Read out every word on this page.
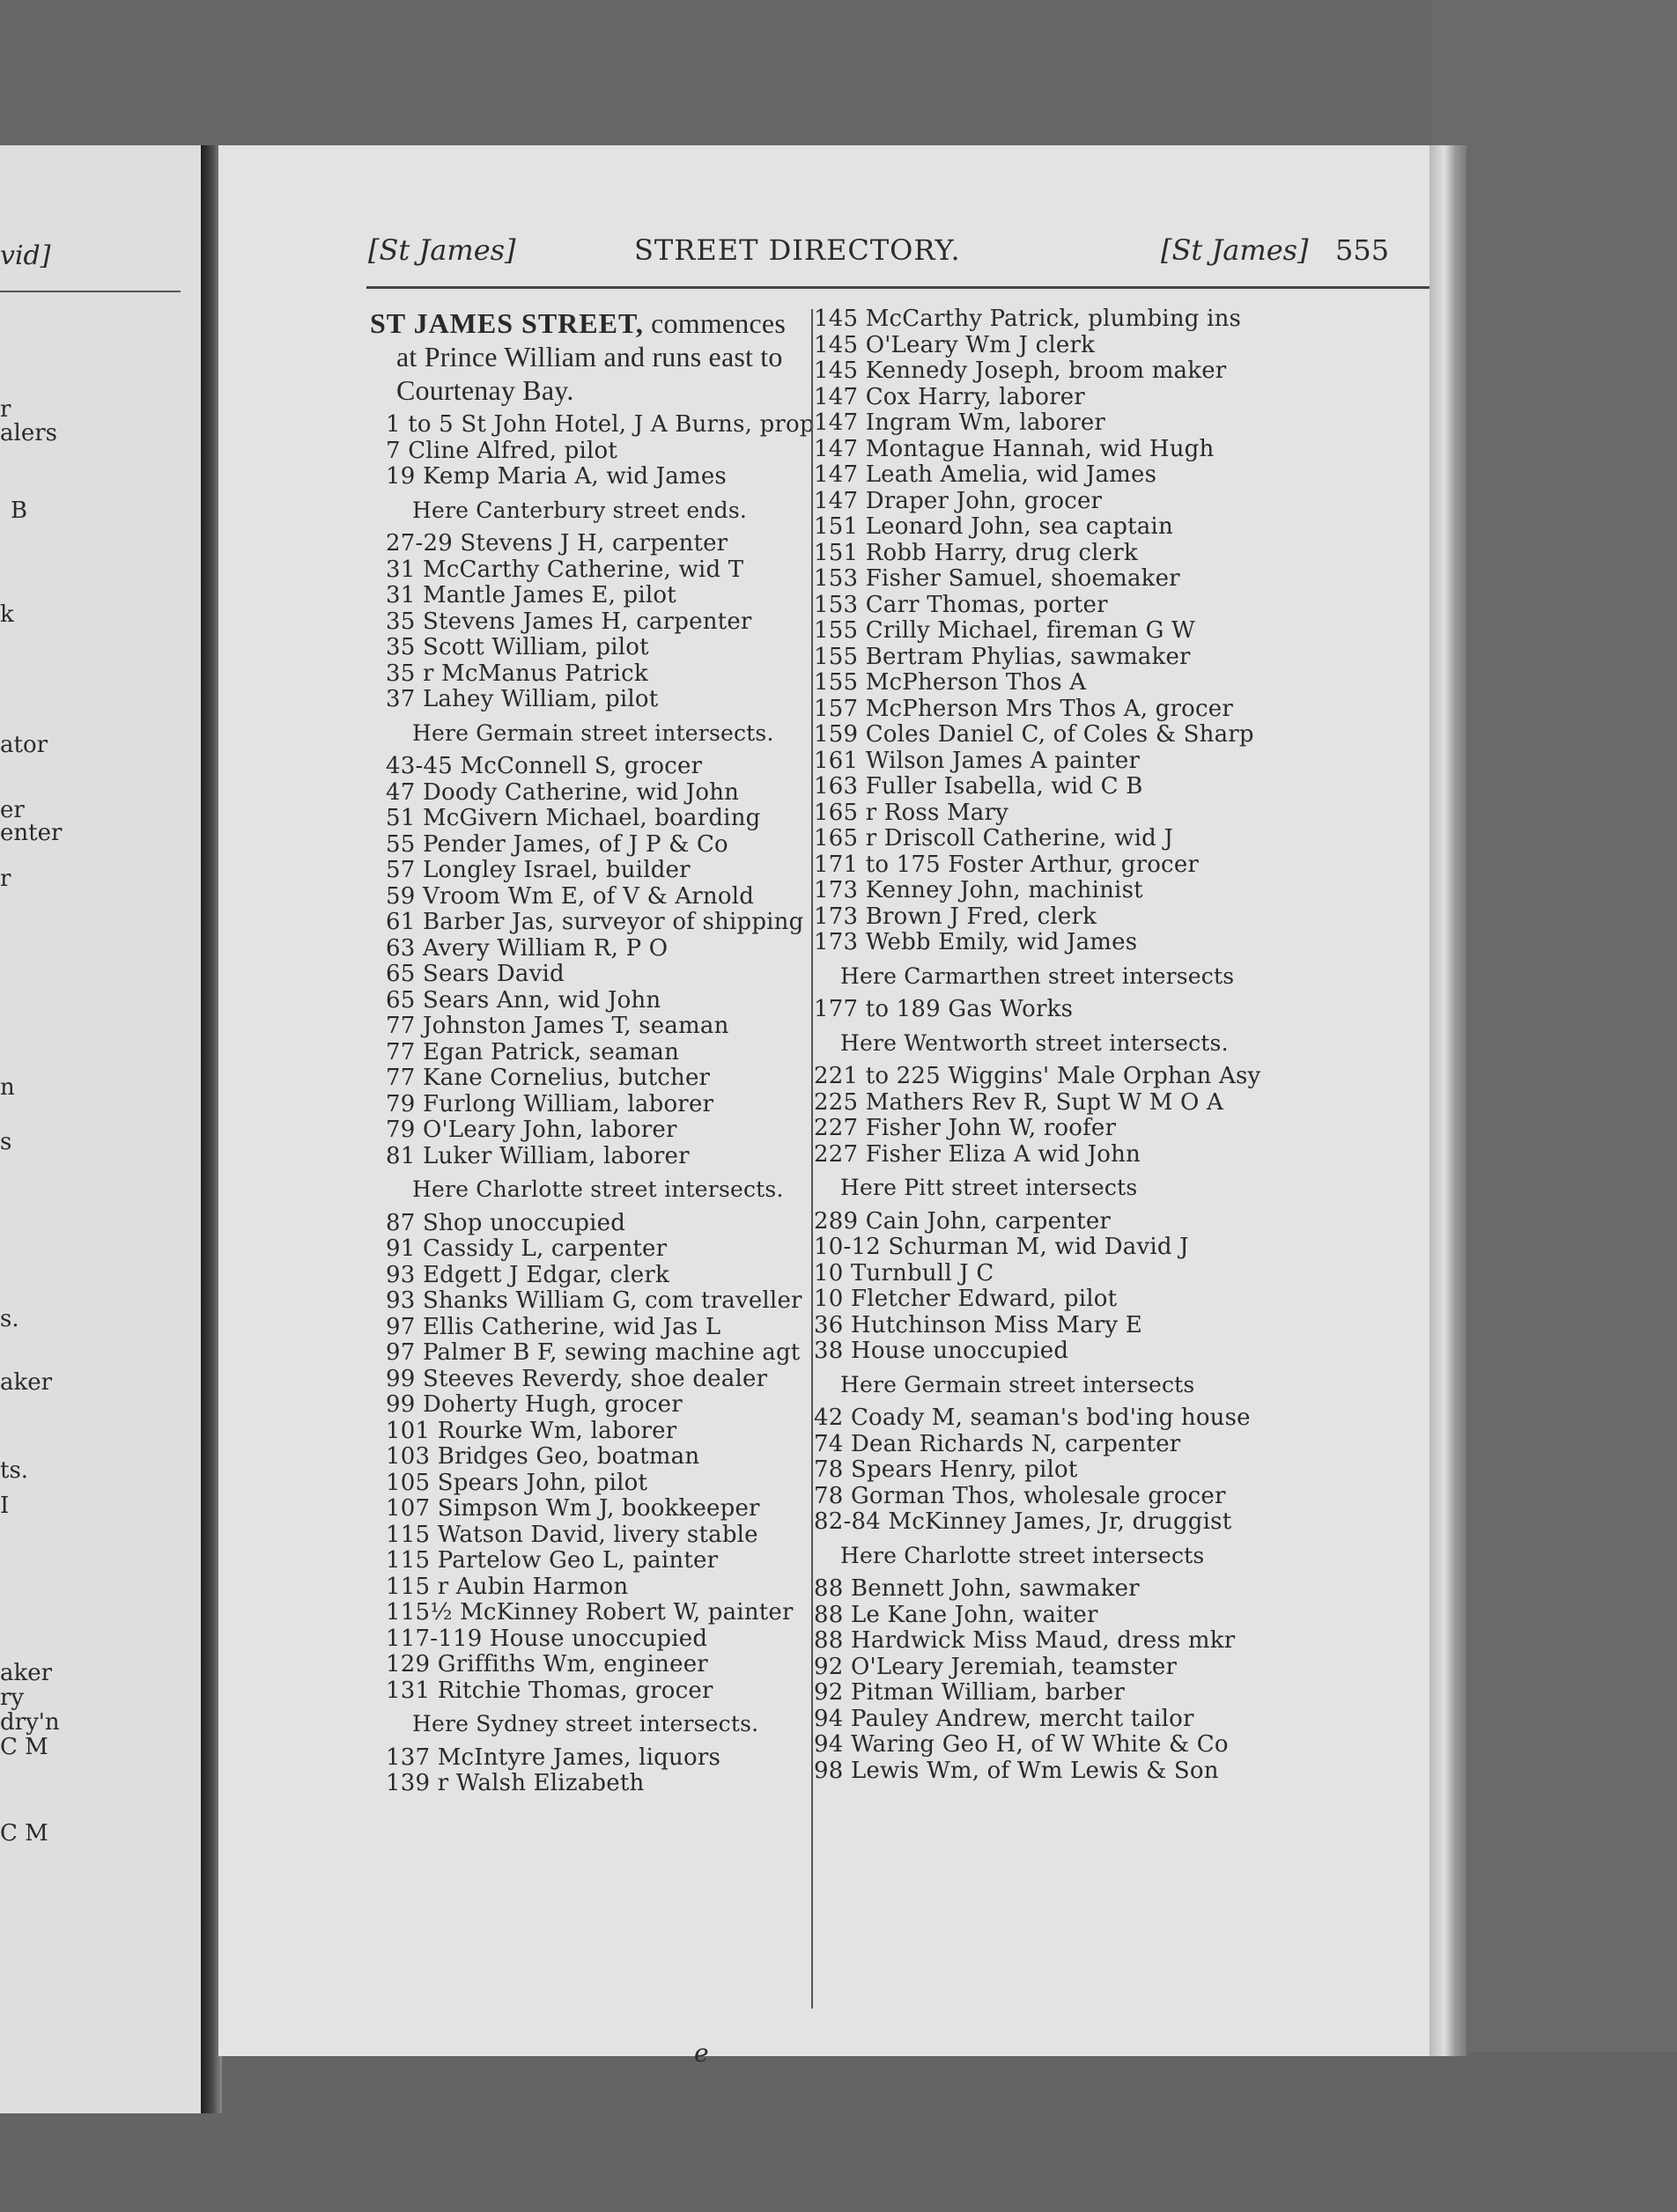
vid]
r
alers
B
k
ator
er
enter
r
n
s
s.
aker
ts.
I
aker
ry
dry'n
C M
C M
[St James]	STREET DIRECTORY.	[St James] 555
ST JAMES STREET, commences
at Prince William and runs east to
Courtenay Bay.
1 to 5 St John Hotel, J A Burns, prop
7 Cline Alfred, pilot
19 Kemp Maria A, wid James
Here Canterbury street ends.
27-29 Stevens J H, carpenter
31 McCarthy Catherine, wid T
31 Mantle James E, pilot
35 Stevens James H, carpenter
35 Scott William, pilot
35 r McManus Patrick
37 Lahey William, pilot
Here Germain street intersects.
43-45 McConnell S, grocer
47 Doody Catherine, wid John
51 McGivern Michael, boarding
55 Pender James, of J P & Co
57 Longley Israel, builder
59 Vroom Wm E, of V & Arnold
61 Barber Jas, surveyor of shipping
63 Avery William R, P O
65 Sears David
65 Sears Ann, wid John
77 Johnston James T, seaman
77 Egan Patrick, seaman
77 Kane Cornelius, butcher
79 Furlong William, laborer
79 O'Leary John, laborer
81 Luker William, laborer
Here Charlotte street intersects.
87 Shop unoccupied
91 Cassidy L, carpenter
93 Edgett J Edgar, clerk
93 Shanks William G, com traveller
97 Ellis Catherine, wid Jas L
97 Palmer B F, sewing machine agt
99 Steeves Reverdy, shoe dealer
99 Doherty Hugh, grocer
101 Rourke Wm, laborer
103 Bridges Geo, boatman
105 Spears John, pilot
107 Simpson Wm J, bookkeeper
115 Watson David, livery stable
115 Partelow Geo L, painter
115 r Aubin Harmon
115½ McKinney Robert W, painter
117-119 House unoccupied
129 Griffiths Wm, engineer
131 Ritchie Thomas, grocer
Here Sydney street intersects.
137 McIntyre James, liquors
139 r Walsh Elizabeth
145 McCarthy Patrick, plumbing ins
145 O'Leary Wm J clerk
145 Kennedy Joseph, broom maker
147 Cox Harry, laborer
147 Ingram Wm, laborer
147 Montague Hannah, wid Hugh
147 Leath Amelia, wid James
147 Draper John, grocer
151 Leonard John, sea captain
151 Robb Harry, drug clerk
153 Fisher Samuel, shoemaker
153 Carr Thomas, porter
155 Crilly Michael, fireman G W
155 Bertram Phylias, sawmaker
155 McPherson Thos A
157 McPherson Mrs Thos A, grocer
159 Coles Daniel C, of Coles & Sharp
161 Wilson James A painter
163 Fuller Isabella, wid C B
165 r Ross Mary
165 r Driscoll Catherine, wid J
171 to 175 Foster Arthur, grocer
173 Kenney John, machinist
173 Brown J Fred, clerk
173 Webb Emily, wid James
Here Carmarthen street intersects
177 to 189 Gas Works
Here Wentworth street intersects.
221 to 225 Wiggins' Male Orphan Asy
225 Mathers Rev R, Supt W M O A
227 Fisher John W, roofer
227 Fisher Eliza A wid John
Here Pitt street intersects
289 Cain John, carpenter
10-12 Schurman M, wid David J
10 Turnbull J C
10 Fletcher Edward, pilot
36 Hutchinson Miss Mary E
38 House unoccupied
Here Germain street intersects
42 Coady M, seaman's bod'ing house
74 Dean Richards N, carpenter
78 Spears Henry, pilot
78 Gorman Thos, wholesale grocer
82-84 McKinney James, Jr, druggist
Here Charlotte street intersects
88 Bennett John, sawmaker
88 Le Kane John, waiter
88 Hardwick Miss Maud, dress mkr
92 O'Leary Jeremiah, teamster
92 Pitman William, barber
94 Pauley Andrew, mercht tailor
94 Waring Geo H, of W White & Co
98 Lewis Wm, of Wm Lewis & Son
e
